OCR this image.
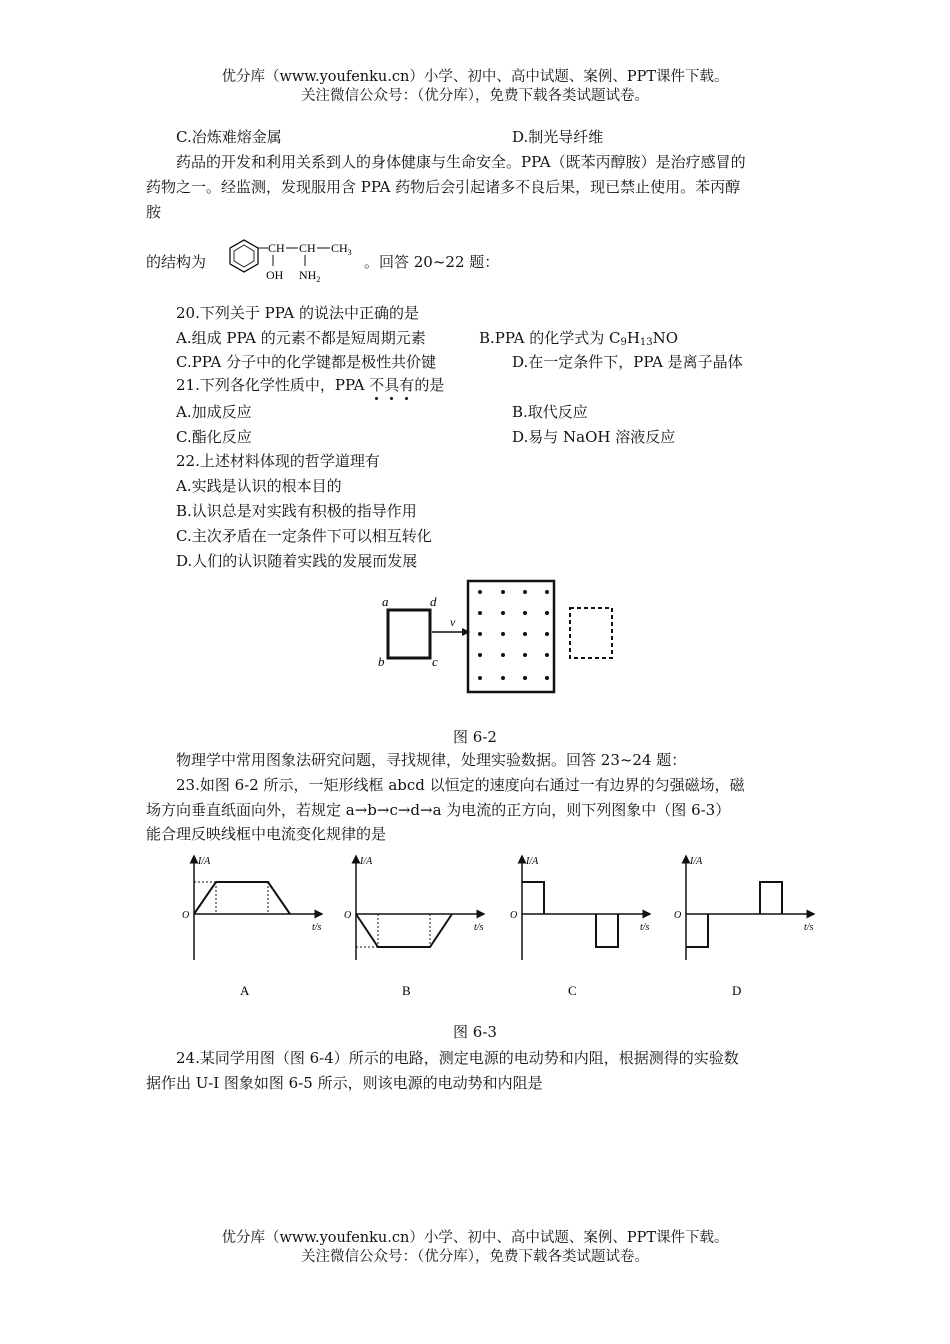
优分库（www.youfenku.cn）小学、初中、高中试题、案例、PPT课件下载。
关注微信公众号：（优分库），免费下载各类试题试卷。
C.冶炼难熔金属	D.制光导纤维
药品的开发和利用关系到人的身体健康与生命安全。PPA（既苯丙醇胺）是治疗感冒的
药物之一。经监测，发现服用含 PPA 药物后会引起诸多不良后果，现已禁止使用。苯丙醇
胺
的结构为
CH CH $CH_3$
OH $NH_2$
。回答 20~22 题：
20.下列关于 PPA 的说法中正确的是
A.组成 PPA 的元素不都是短周期元素	B.PPA 的化学式为 $C_9H_{13}NO$
C.PPA 分子中的化学键都是极性共价键	D.在一定条件下，PPA 是离子晶体
21.下列各化学性质中，PPA 不具有的是
A.加成反应	B.取代反应
C.酯化反应	D.易与 NaOH 溶液反应
22.上述材料体现的哲学道理有
A.实践是认识的根本目的
B.认识总是对实践有积极的指导作用
C.主次矛盾在一定条件下可以相互转化
D.人们的认识随着实践的发展而发展
a	d
b	c
v
图 6-2
物理学中常用图象法研究问题，寻找规律，处理实验数据。回答 23~24 题：
23.如图 6-2 所示，一矩形线框 abcd 以恒定的速度向右通过一有边界的匀强磁场，磁
场方向垂直纸面向外，若规定 a→b→c→d→a 为电流的正方向，则下列图象中（图 6-3）
能合理反映线框中电流变化规律的是
I/A
O
t/s
A
I/A
O
t/s
B
I/A
O
t/s
C
I/A
O
t/s
D
图 6-3
24.某同学用图（图 6-4）所示的电路，测定电源的电动势和内阻，根据测得的实验数
据作出 U-I 图象如图 6-5 所示，则该电源的电动势和内阻是
优分库（www.youfenku.cn）小学、初中、高中试题、案例、PPT课件下载。
关注微信公众号：（优分库），免费下载各类试题试卷。
